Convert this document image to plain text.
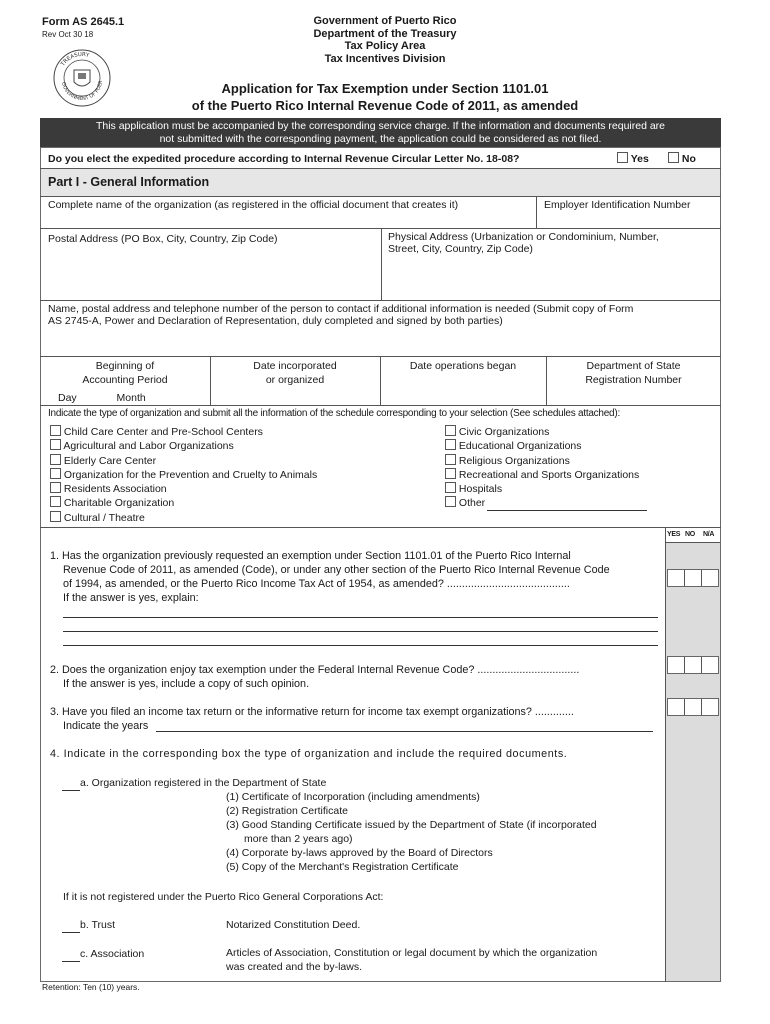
Form AS 2645.1
Rev Oct 30 18
TREASURY
GOVERNMENT OF PUER
Government of Puerto Rico
Department of the Treasury
Tax Policy Area
Tax Incentives Division
Application for Tax Exemption under Section 1101.01
of the Puerto Rico Internal Revenue Code of 2011, as amended
This application must be accompanied by the corresponding service charge. If the information and documents required are
not submitted with the corresponding payment, the application could be considered as not filed.
Do you elect the expedited procedure according to Internal Revenue Circular Letter No. 18-08?	Yes	No
Part I - General Information
Complete name of the organization (as registered in the official document that creates it)	Employer Identification Number
Postal Address (PO Box, City, Country, Zip Code)	Physical Address (Urbanization or Condominium, Number,
Street, City, Country, Zip Code)
Name, postal address and telephone number of the person to contact if additional information is needed (Submit copy of Form
AS 2745-A, Power and Declaration of Representation, duly completed and signed by both parties)
Beginning of
Accounting Period
Day	Month
Date incorporated
or organized
Date operations began	Department of State
Registration Number
Indicate the type of organization and submit all the information of the schedule corresponding to your selection (See schedules attached):
Child Care Center and Pre-School Centers
Agricultural and Labor Organizations
Elderly Care Center
Organization for the Prevention and Cruelty to Animals
Residents Association
Charitable Organization
Cultural / Theatre
Civic Organizations
Educational Organizations
Religious Organizations
Recreational and Sports Organizations
Hospitals
Other
YES NO N/A
1. Has the organization previously requested an exemption under Section 1101.01 of the Puerto Rico Internal
Revenue Code of 2011, as amended (Code), or under any other section of the Puerto Rico Internal Revenue Code
of 1994, as amended, or the Puerto Rico Income Tax Act of 1954, as amended? .........................................
If the answer is yes, explain:
2. Does the organization enjoy tax exemption under the Federal Internal Revenue Code? ..................................
If the answer is yes, include a copy of such opinion.
3. Have you filed an income tax return or the informative return for income tax exempt organizations? .............
Indicate the years
4. Indicate in the corresponding box the type of organization and include the required documents.
a. Organization registered in the Department of State
(1) Certificate of Incorporation (including amendments)
(2) Registration Certificate
(3) Good Standing Certificate issued by the Department of State (if incorporated
more than 2 years ago)
(4) Corporate by-laws approved by the Board of Directors
(5) Copy of the Merchant's Registration Certificate
If it is not registered under the Puerto Rico General Corporations Act:
b. Trust	Notarized Constitution Deed.
c. Association	Articles of Association, Constitution or legal document by which the organization
was created and the by-laws.
Retention: Ten (10) years.
